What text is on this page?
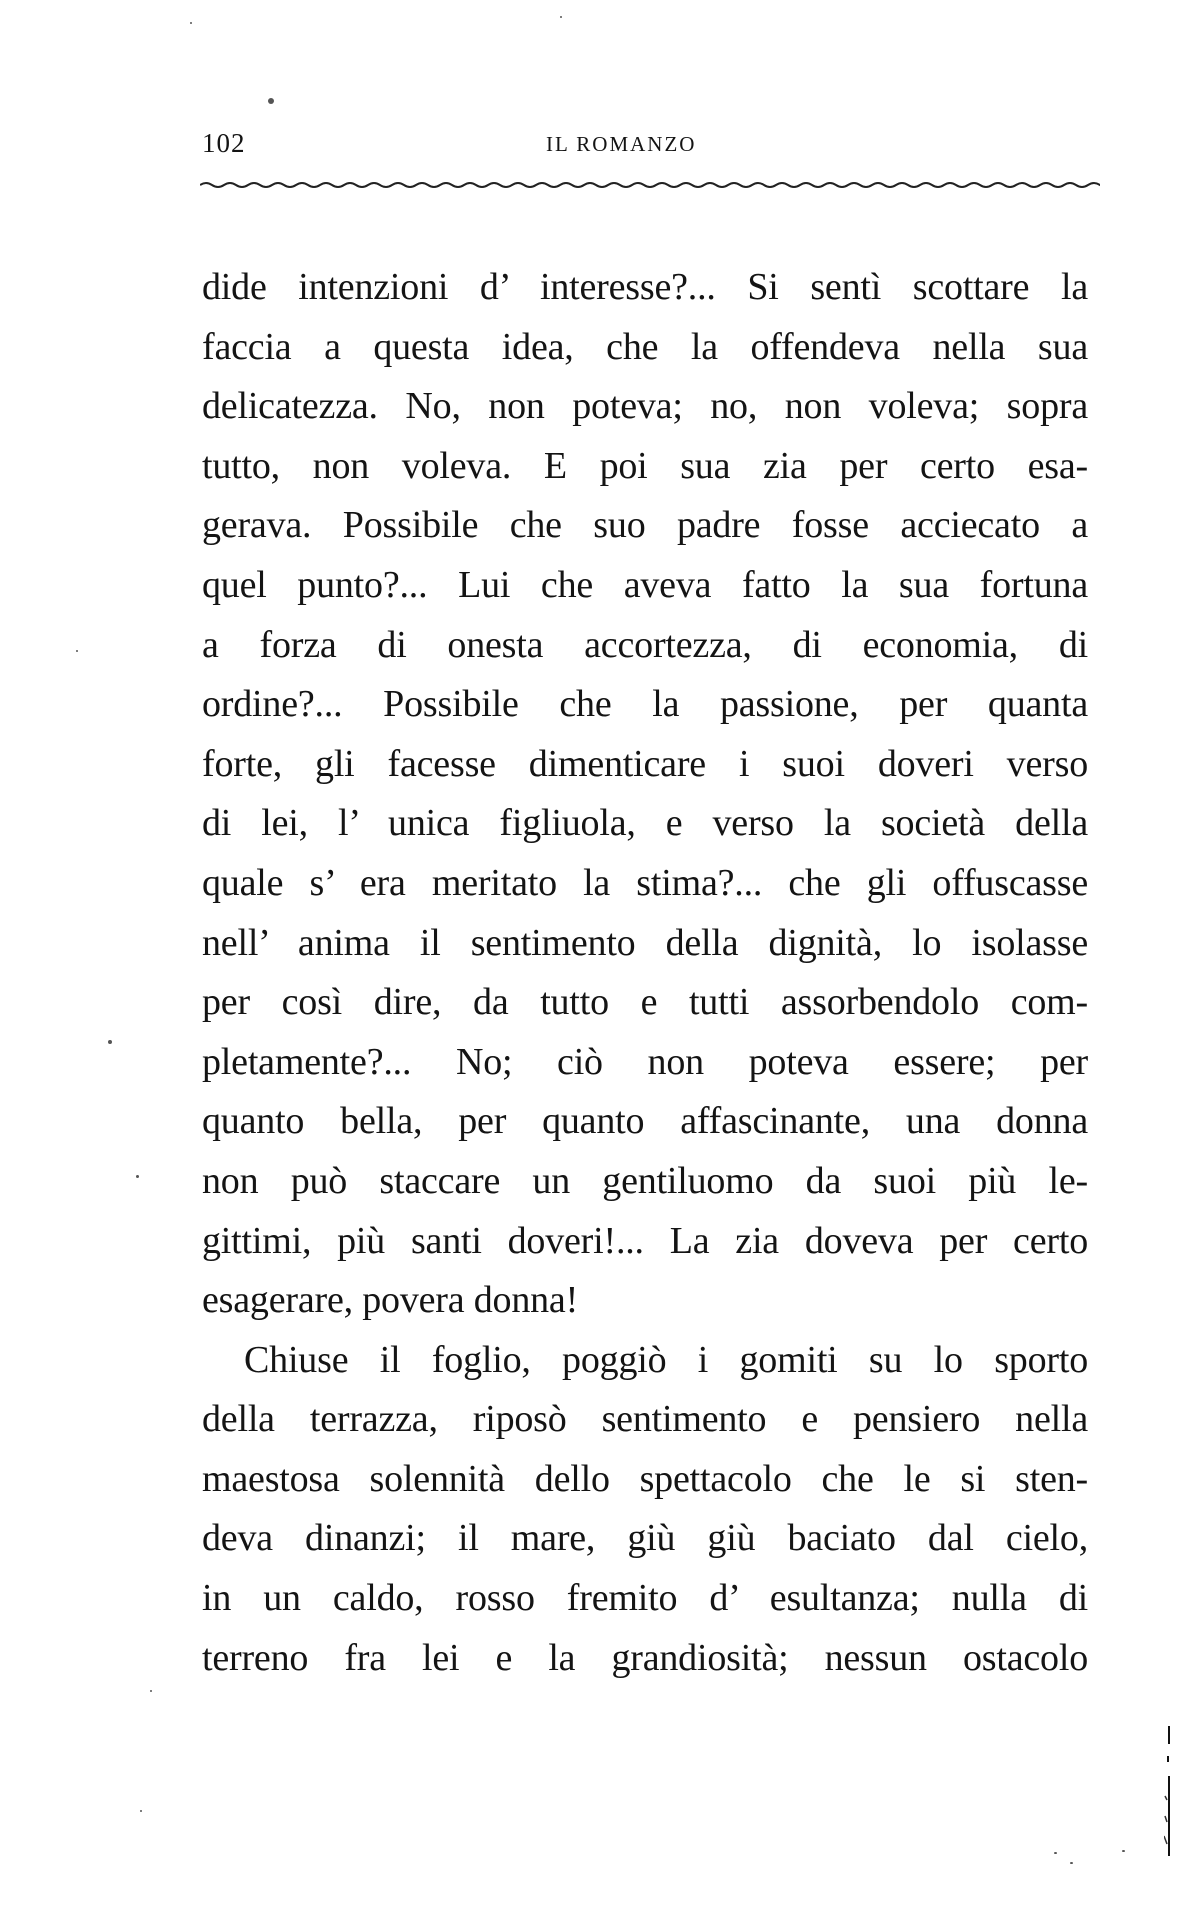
102	IL ROMANZO
dide intenzioni d’ interesse?... Si sentì scottare la
faccia a questa idea, che la offendeva nella sua
delicatezza. No, non poteva; no, non voleva; sopra
tutto, non voleva. E poi sua zia per certo esa-
gerava. Possibile che suo padre fosse acciecato a
quel punto?... Lui che aveva fatto la sua fortuna
a forza di onesta accortezza, di economia, di
ordine?... Possibile che la passione, per quanta
forte, gli facesse dimenticare i suoi doveri verso
di lei, l’ unica figliuola, e verso la società della
quale s’ era meritato la stima?... che gli offuscasse
nell’ anima il sentimento della dignità, lo isolasse
per così dire, da tutto e tutti assorbendolo com-
pletamente?... No; ciò non poteva essere; per
quanto bella, per quanto affascinante, una donna
non può staccare un gentiluomo da suoi più le-
gittimi, più santi doveri!... La zia doveva per certo
esagerare, povera donna!
Chiuse il foglio, poggiò i gomiti su lo sporto
della terrazza, riposò sentimento e pensiero nella
maestosa solennità dello spettacolo che le si sten-
deva dinanzi; il mare, giù giù baciato dal cielo,
in un caldo, rosso fremito d’ esultanza; nulla di
terreno fra lei e la grandiosità; nessun ostacolo
